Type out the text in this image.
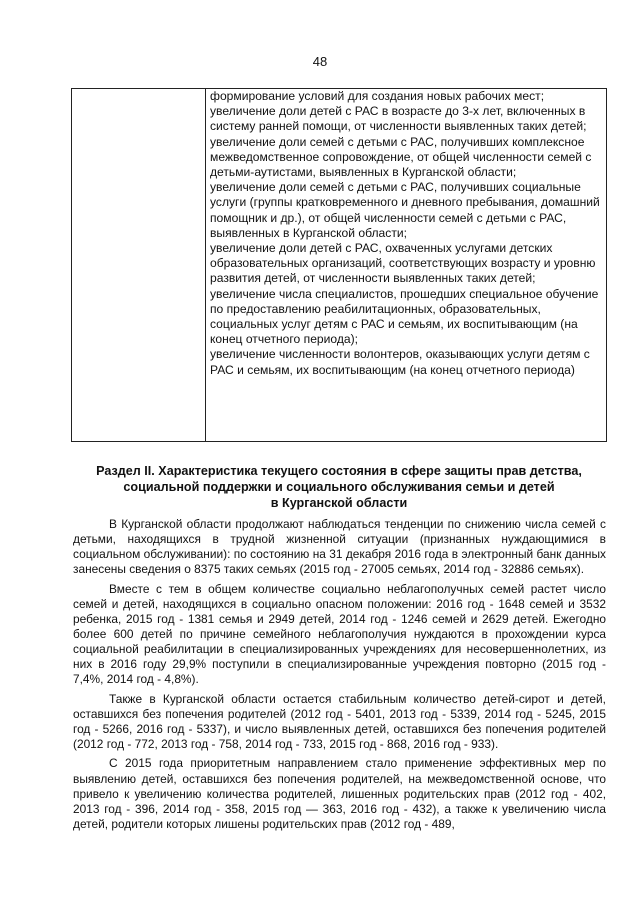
48

формирование условий для создания новых рабочих мест;

увеличение доли детей с РАС в возрасте до 3-х лет, включенных в систему ранней помощи, от численности выявленных таких детей;

увеличение доли семей с детьми с РАС, получивших комплексное межведомственное сопровождение, от общей численности семей с детьми-аутистами, выявленных в Курганской области;

увеличение доли семей с детьми с РАС, получивших социальные услуги (группы кратковременного и дневного пребывания, домашний помощник и др.), от общей численности семей с детьми с РАС, выявленных в Курганской области;

увеличение доли детей с РАС, охваченных услугами детских образовательных организаций, соответствующих возрасту и уровню развития детей, от численности выявленных таких детей;

увеличение числа специалистов, прошедших специальное обучение по предоставлению реабилитационных, образовательных, социальных услуг детям с РАС и семьям, их воспитывающим (на конец отчетного периода);

увеличение численности волонтеров, оказывающих услуги детям с РАС и семьям, их воспитывающим (на конец отчетного периода)

Раздел II. Характеристика текущего состояния в сфере защиты прав детства,
социальной поддержки и социального обслуживания семьи и детей
в Курганской области

В Курганской области продолжают наблюдаться тенденции по снижению числа семей с детьми, находящихся в трудной жизненной ситуации (признанных нуждающимися в социальном обслуживании): по состоянию на 31 декабря 2016 года в электронный банк данных занесены сведения о 8375 таких семьях (2015 год - 27005 семьях, 2014 год - 32886 семьях).

Вместе с тем в общем количестве социально неблагополучных семей растет число семей и детей, находящихся в социально опасном положении: 2016 год - 1648 семей и 3532 ребенка, 2015 год - 1381 семья и 2949 детей, 2014 год - 1246 семей и 2629 детей. Ежегодно более 600 детей по причине семейного неблагополучия нуждаются в прохождении курса социальной реабилитации в специализированных учреждениях для несовершеннолетних, из них в 2016 году 29,9% поступили в специализированные учреждения повторно (2015 год - 7,4%, 2014 год - 4,8%).

Также в Курганской области остается стабильным количество детей-сирот и детей, оставшихся без попечения родителей (2012 год - 5401, 2013 год - 5339, 2014 год - 5245, 2015 год - 5266, 2016 год - 5337), и число выявленных детей, оставшихся без попечения родителей (2012 год - 772, 2013 год - 758, 2014 год - 733, 2015 год - 868, 2016 год - 933).

С 2015 года приоритетным направлением стало применение эффективных мер по выявлению детей, оставшихся без попечения родителей, на межведомственной основе, что привело к увеличению количества родителей, лишенных родительских прав (2012 год - 402, 2013 год - 396, 2014 год - 358, 2015 год — 363, 2016 год - 432), а также к увеличению числа детей, родители которых лишены родительских прав (2012 год - 489,
